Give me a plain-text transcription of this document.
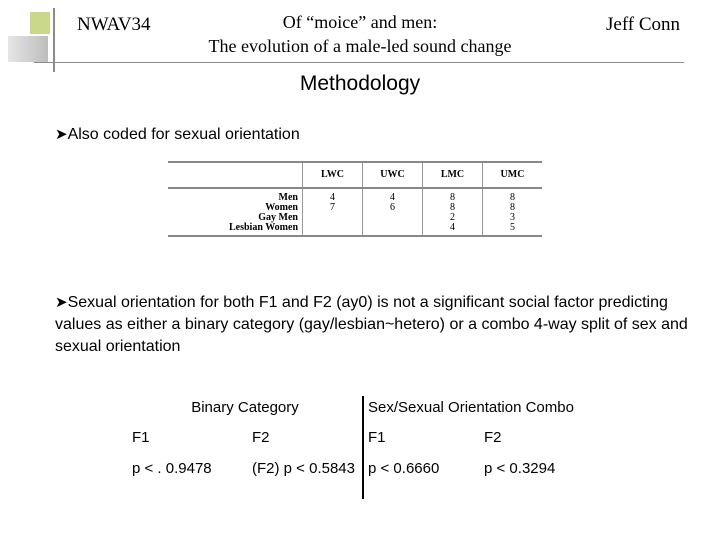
NWAV34	Of “moice” and men:
The evolution of a male-led sound change
Jeff Conn
Methodology
➤Also coded for sexual orientation
	LWC	UWC	LMC	UMC
Men	4	4	8	8
Women	7	6	8	8
Gay Men			2	3
Lesbian Women			4	5
➤Sexual orientation for both F1 and F2 (ay0) is not a significant social factor predicting values as either a binary category (gay/lesbian~hetero) or a combo 4-way split of sex and sexual orientation
Binary Category		Sex/Sexual Orientation Combo	
F1	F2	F1	F2
p < . 0.9478	(F2) p < 0.5843	p < 0.6660	p < 0.3294
